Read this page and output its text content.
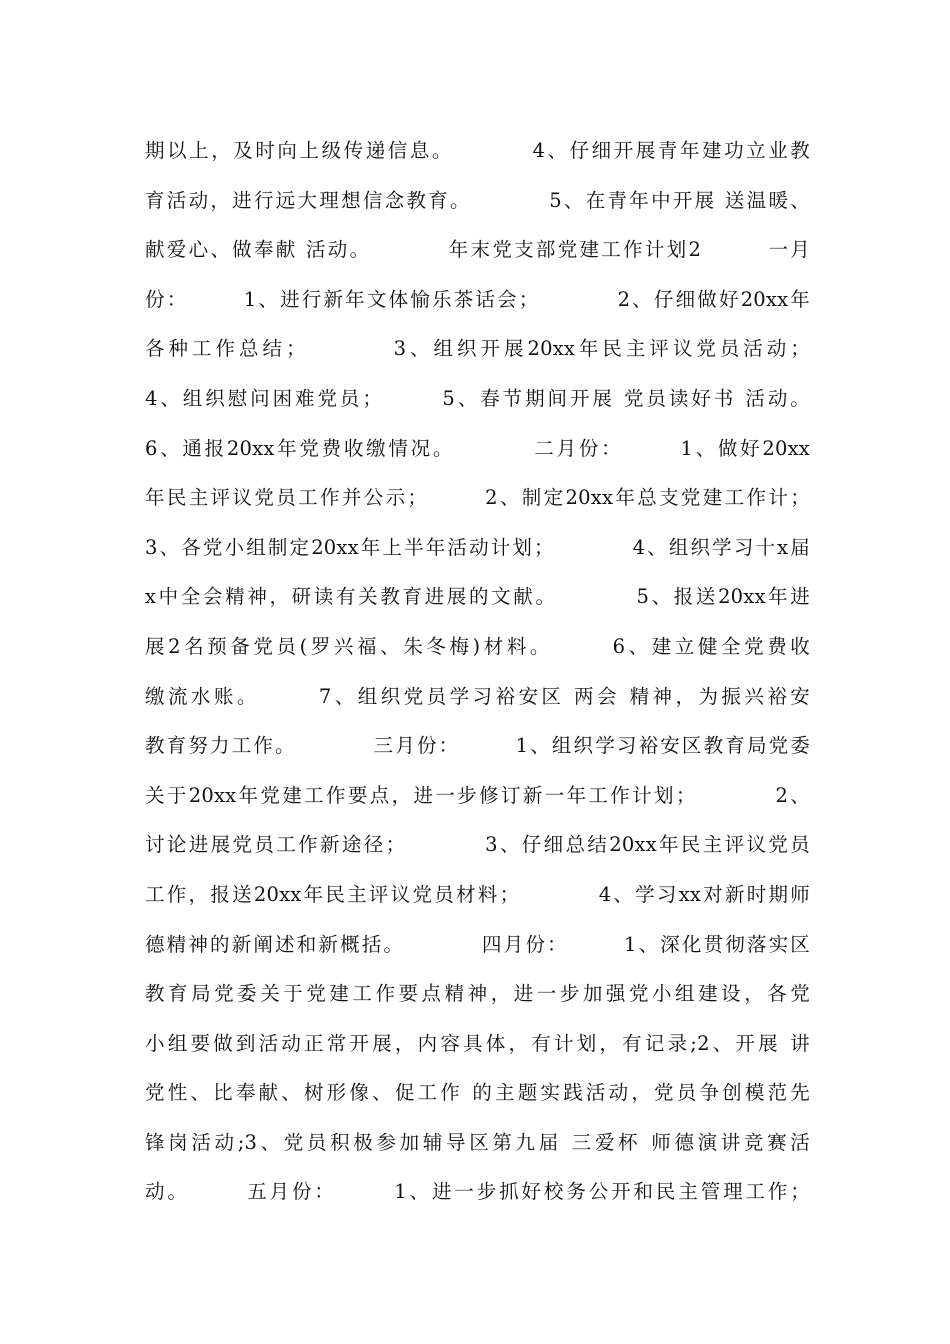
期以上，及时向上级传递信息。　　　　4、仔细开展青年建功立业教
育活动，进行远大理想信念教育。　　　　5、在青年中开展 送温暖、
献爱心、做奉献 活动。　　　　年末党支部党建工作计划2　　　一月
份：　　　1、进行新年文体愉乐茶话会；　　　　2、仔细做好20xx年
各种工作总结；　　　　3、组织开展20xx年民主评议党员活动；
4、组织慰问困难党员；　　　5、春节期间开展 党员读好书 活动。
6、通报20xx年党费收缴情况。　　　　二月份：　　　1、做好20xx
年民主评议党员工作并公示；　　　2、制定20xx年总支党建工作计；
3、各党小组制定20xx年上半年活动计划；　　　　4、组织学习十x届
x中全会精神，研读有关教育进展的文献。　　　　5、报送20xx年进
展2名预备党员(罗兴福、朱冬梅)材料。　　　6、建立健全党费收
缴流水账。　　　7、组织党员学习裕安区 两会 精神，为振兴裕安
教育努力工作。　　　　三月份：　　　1、组织学习裕安区教育局党委
关于20xx年党建工作要点，进一步修订新一年工作计划；　　　　2、
讨论进展党员工作新途径；　　　　3、仔细总结20xx年民主评议党员
工作，报送20xx年民主评议党员材料；　　　　4、学习xx对新时期师
德精神的新阐述和新概括。　　　　四月份：　　　1、深化贯彻落实区
教育局党委关于党建工作要点精神，进一步加强党小组建设，各党
小组要做到活动正常开展，内容具体，有计划，有记录;2、开展 讲
党性、比奉献、树形像、促工作 的主题实践活动，党员争创模范先
锋岗活动;3、党员积极参加辅导区第九届 三爱杯 师德演讲竞赛活
动。　　　五月份：　　　1、进一步抓好校务公开和民主管理工作；
